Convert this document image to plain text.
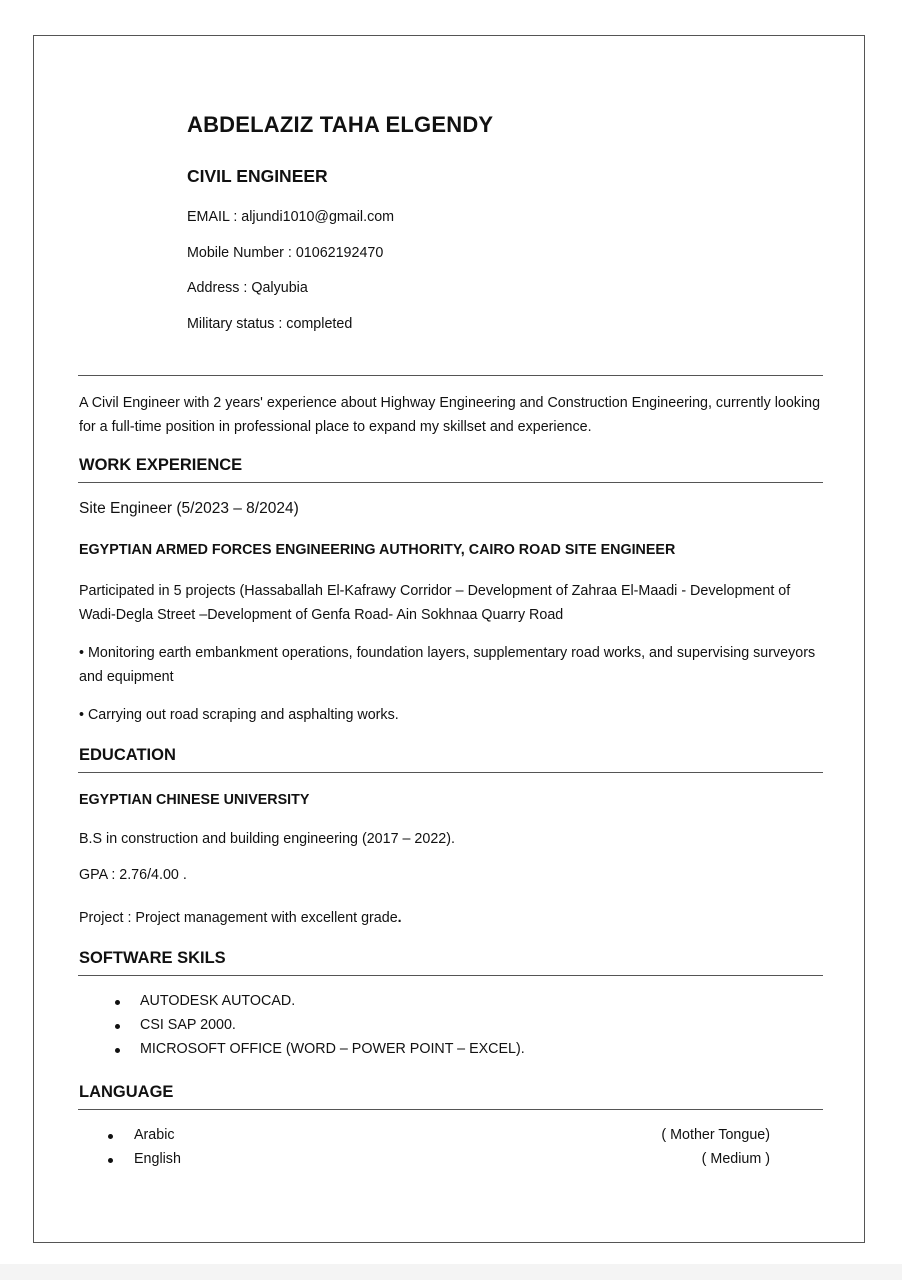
ABDELAZIZ TAHA ELGENDY
CIVIL ENGINEER
EMAIL : aljundi1010@gmail.com
Mobile Number : 01062192470
Address : Qalyubia
Military status : completed
A Civil Engineer with 2 years' experience about Highway Engineering and Construction Engineering, currently looking for a full-time position in professional place to expand my skillset and experience.
WORK EXPERIENCE
Site Engineer (5/2023 – 8/2024)
EGYPTIAN ARMED FORCES ENGINEERING AUTHORITY, CAIRO ROAD SITE ENGINEER
Participated in 5 projects (Hassaballah El-Kafrawy Corridor – Development of Zahraa El-Maadi - Development of Wadi-Degla Street –Development of Genfa Road- Ain Sokhnaa Quarry Road
• Monitoring earth embankment operations, foundation layers, supplementary road works, and supervising surveyors and equipment
• Carrying out road scraping and asphalting works.
EDUCATION
EGYPTIAN CHINESE UNIVERSITY
B.S in construction and building engineering (2017 – 2022).
GPA : 2.76/4.00 .
Project : Project management with excellent grade.
SOFTWARE SKILS
AUTODESK AUTOCAD.
CSI SAP 2000.
MICROSOFT OFFICE (WORD – POWER POINT – EXCEL).
LANGUAGE
Arabic	( Mother Tongue)
English	( Medium )
